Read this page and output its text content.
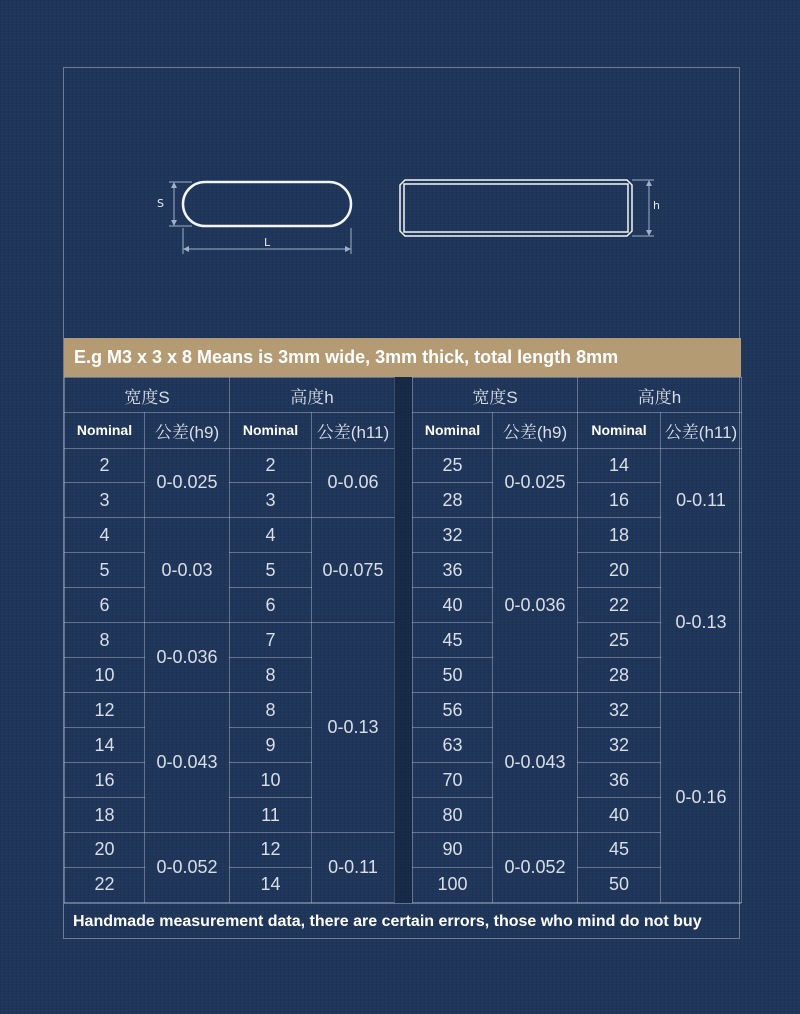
S
L
h
E.g M3 x 3 x 8 Means is 3mm wide, 3mm thick, total length 8mm
宽度S		高度h	
Nominal	公差(h9)	Nominal	公差(h11)
2	0-0.025	2	0-0.06
3		3	
4	0-0.03	4	0-0.075
5		5	
6		6	
8	0-0.036	7	0-0.13
10		8	
12	0-0.043	8	
14		9	
16		10	
18		11	
20	0-0.052	12	0-0.11
22		14	
宽度S		高度h	
Nominal	公差(h9)	Nominal	公差(h11)
25	0-0.025	14	0-0.11
28		16	
32	0-0.036	18	
36		20	0-0.13
40		22	
45		25	
50		28	
56	0-0.043	32	0-0.16
63		32	
70		36	
80		40	
90	0-0.052	45	
100		50	
Handmade measurement data, there are certain errors, those who mind do not buy
